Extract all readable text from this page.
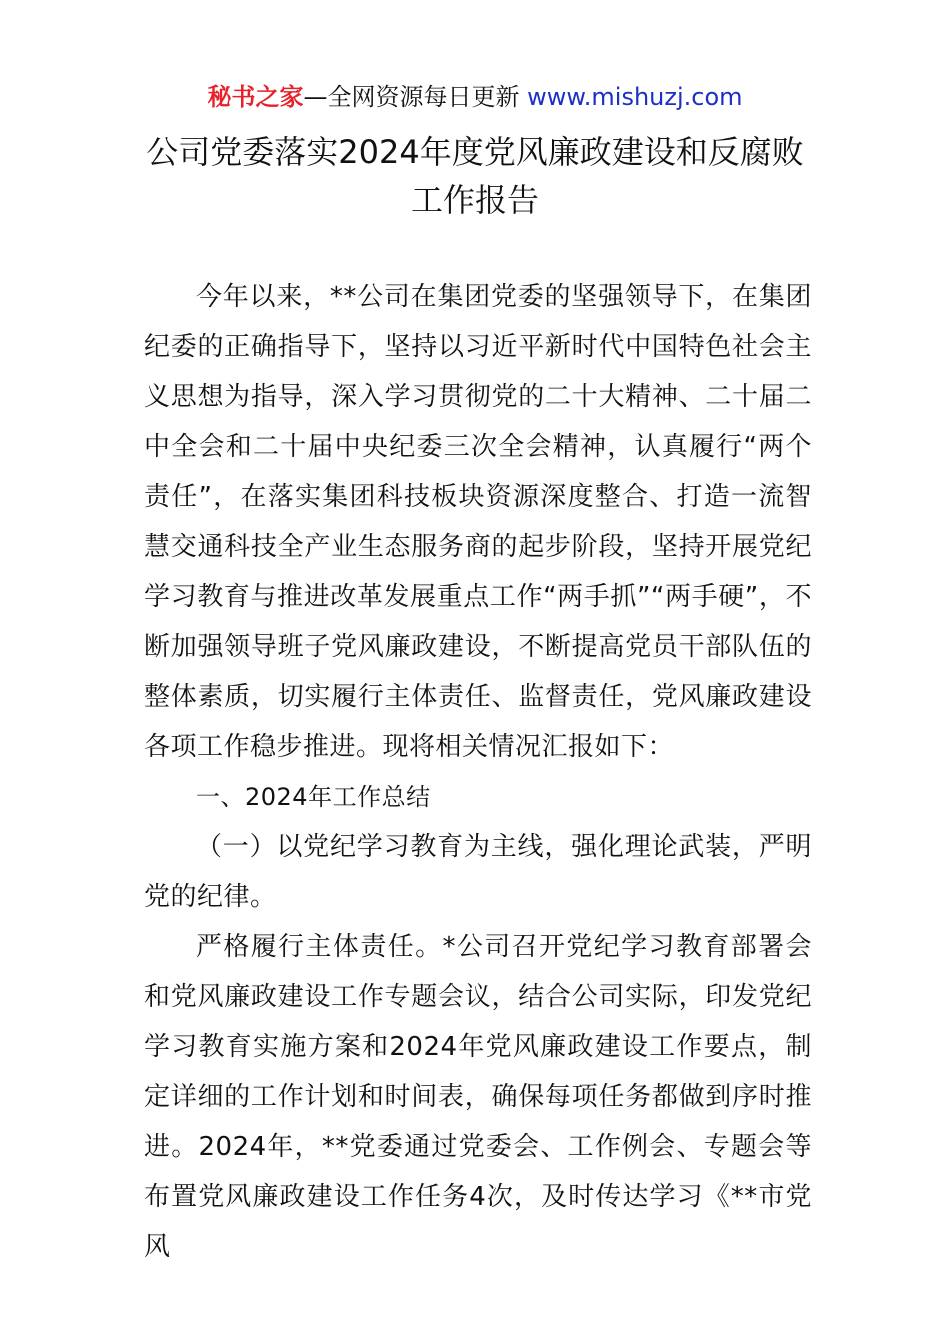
秘书之家—全网资源每日更新 www.mishuzj.com
公司党委落实2024年度党风廉政建设和反腐败
工作报告

今年以来，**公司在集团党委的坚强领导下，在集团纪委的正确指导下，坚持以习近平新时代中国特色社会主义思想为指导，深入学习贯彻党的二十大精神、二十届二中全会和二十届中央纪委三次全会精神，认真履行“两个责任”，在落实集团科技板块资源深度整合、打造一流智慧交通科技全产业生态服务商的起步阶段，坚持开展党纪学习教育与推进改革发展重点工作“两手抓”“两手硬”，不断加强领导班子党风廉政建设，不断提高党员干部队伍的整体素质，切实履行主体责任、监督责任，党风廉政建设各项工作稳步推进。现将相关情况汇报如下：

一、2024年工作总结

（一）以党纪学习教育为主线，强化理论武装，严明党的纪律。

严格履行主体责任。*公司召开党纪学习教育部署会和党风廉政建设工作专题会议，结合公司实际，印发党纪学习教育实施方案和2024年党风廉政建设工作要点，制定详细的工作计划和时间表，确保每项任务都做到序时推进。2024年，**党委通过党委会、工作例会、专题会等布置党风廉政建设工作任务4次，及时传达学习《**市党风
